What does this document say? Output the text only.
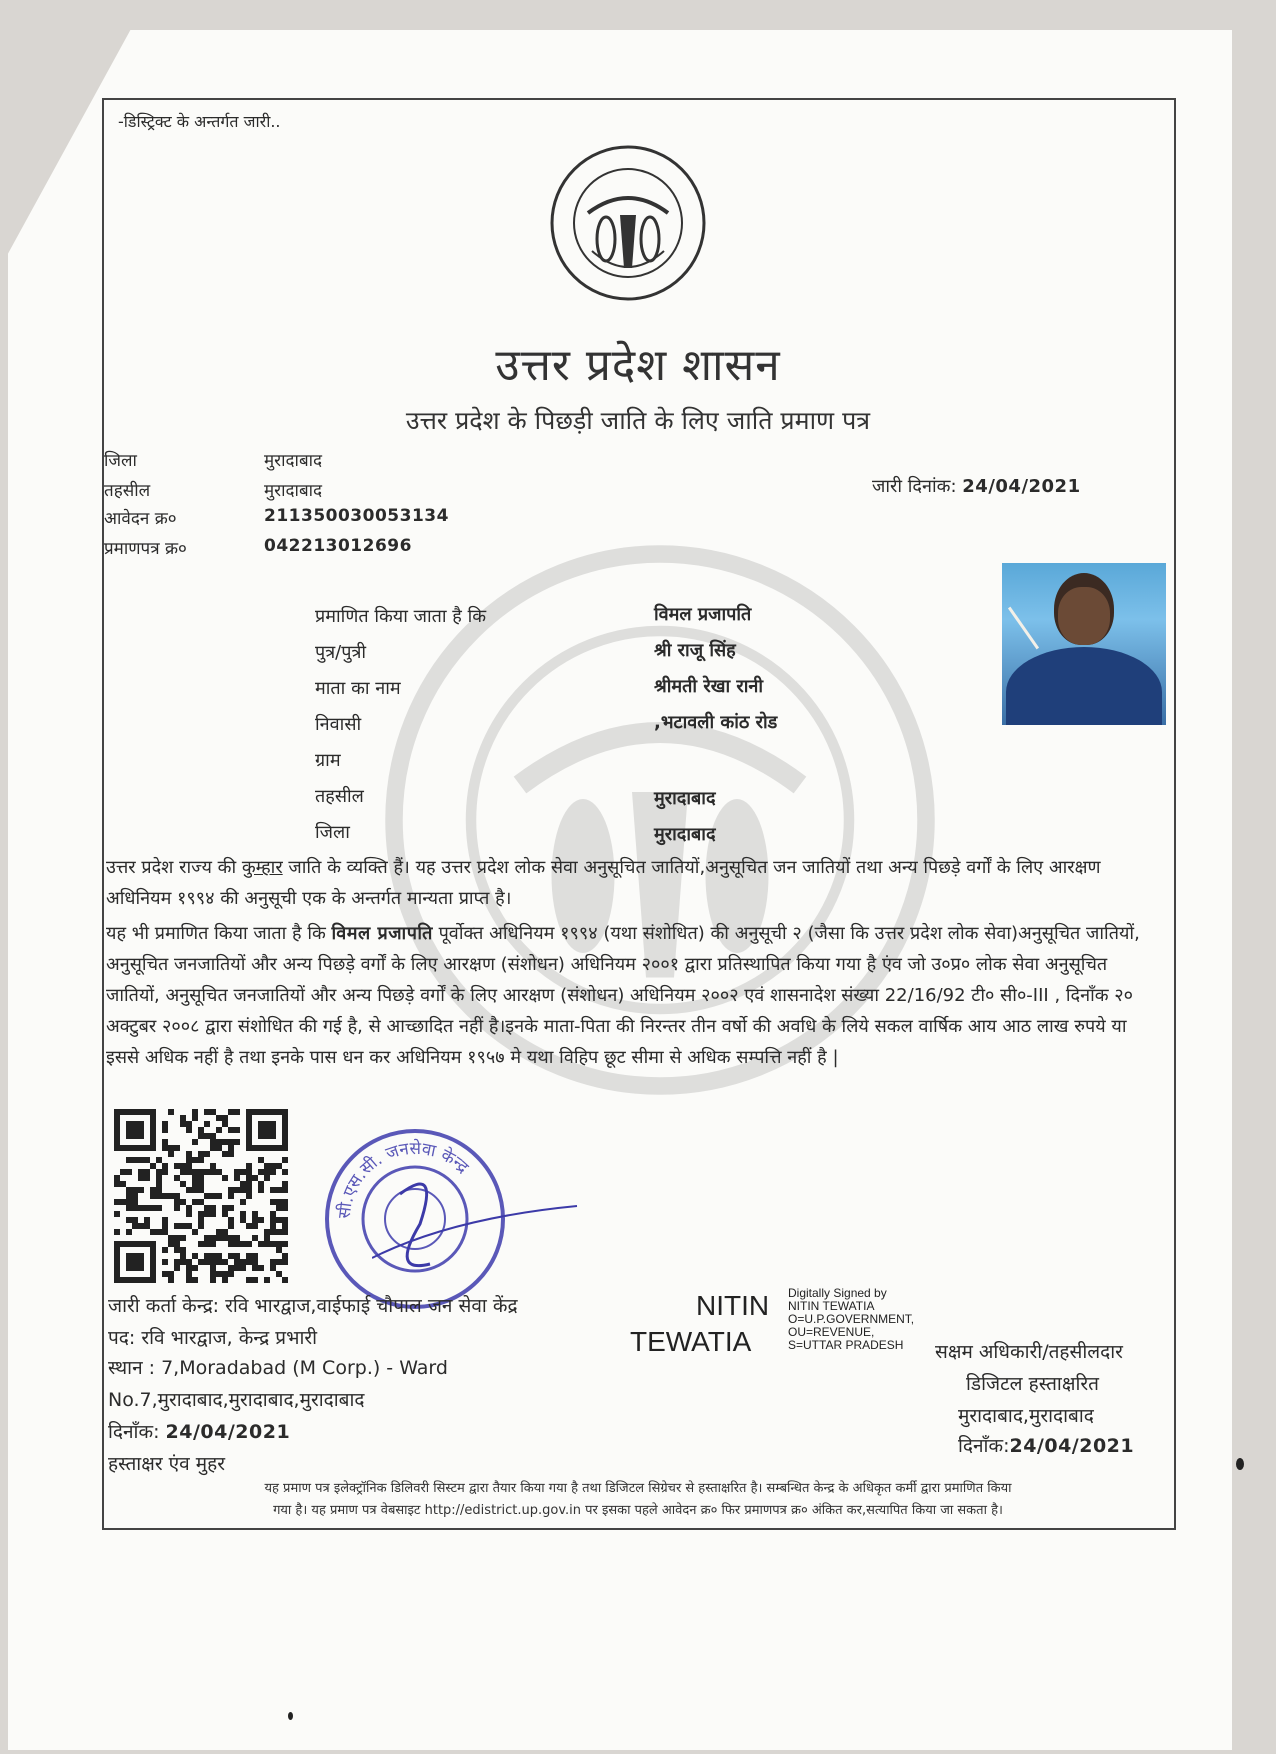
-डिस्ट्रिक्ट के अन्तर्गत जारी..
उत्तर प्रदेश शासन
उत्तर प्रदेश के पिछड़ी जाति के लिए जाति प्रमाण पत्र
जिला	मुरादाबाद
तहसील	मुरादाबाद
आवेदन क्र०	211350030053134
प्रमाणपत्र क्र०	042213012696
जारी दिनांक: 24/04/2021
प्रमाणित किया जाता है कि	विमल प्रजापति
पुत्र/पुत्री	श्री राजू सिंह
माता का नाम	श्रीमती रेखा रानी
निवासी	,भटावली कांठ रोड
ग्राम
तहसील	मुरादाबाद
जिला	मुरादाबाद
उत्तर प्रदेश राज्य की कुम्हार जाति के व्यक्ति हैं। यह उत्तर प्रदेश लोक सेवा अनुसूचित जातियों,अनुसूचित जन जातियों तथा अन्य पिछड़े वर्गों के लिए आरक्षण अधिनियम १९९४ की अनुसूची एक के अन्तर्गत मान्यता प्राप्त है।
यह भी प्रमाणित किया जाता है कि विमल प्रजापति पूर्वोक्त अधिनियम १९९४ (यथा संशोधित) की अनुसूची २ (जैसा कि उत्तर प्रदेश लोक सेवा)अनुसूचित जातियों, अनुसूचित जनजातियों और अन्य पिछड़े वर्गों के लिए आरक्षण (संशोधन) अधिनियम २००१ द्वारा प्रतिस्थापित किया गया है एंव जो उ०प्र० लोक सेवा अनुसूचित जातियों, अनुसूचित जनजातियों और अन्य पिछड़े वर्गों के लिए आरक्षण (संशोधन) अधिनियम २००२ एवं शासनादेश संख्या 22/16/92 टी० सी०-III , दिनाँक २० अक्टुबर २००८ द्वारा संशोधित की गई है, से आच्छादित नहीं है।इनके माता-पिता की निरन्तर तीन वर्षो की अवधि के लिये सकल वार्षिक आय आठ लाख रुपये या इससे अधिक नहीं है तथा इनके पास धन कर अधिनियम १९५७ मे यथा विहिप छूट सीमा से अधिक सम्पत्ति नहीं है |
सी.एस.सी. जनसेवा केन्द्र
जारी कर्ता केन्द्र: रवि भारद्वाज,वाईफाई चौपाल जन सेवा केंद्र
पद: रवि भारद्वाज, केन्द्र प्रभारी
स्थान : 7,Moradabad (M Corp.) - Ward
No.7,मुरादाबाद,मुरादाबाद,मुरादाबाद
दिनाँक: 24/04/2021
हस्ताक्षर एंव मुहर
NITIN
TEWATIA
Digitally Signed by
NITIN TEWATIA
O=U.P.GOVERNMENT,
OU=REVENUE,
S=UTTAR PRADESH	सक्षम अधिकारी/तहसीलदार
डिजिटल हस्ताक्षरित
मुरादाबाद,मुरादाबाद
दिनाँक:24/04/2021
यह प्रमाण पत्र इलेक्ट्रॉनिक डिलिवरी सिस्टम द्वारा तैयार किया गया है तथा डिजिटल सिग्रेचर से हस्ताक्षरित है। सम्बन्धित केन्द्र के अधिकृत कर्मी द्वारा प्रमाणित किया
गया है। यह प्रमाण पत्र वेबसाइट http://edistrict.up.gov.in पर इसका पहले आवेदन क्र० फिर प्रमाणपत्र क्र० अंकित कर,सत्यापित किया जा सकता है।
